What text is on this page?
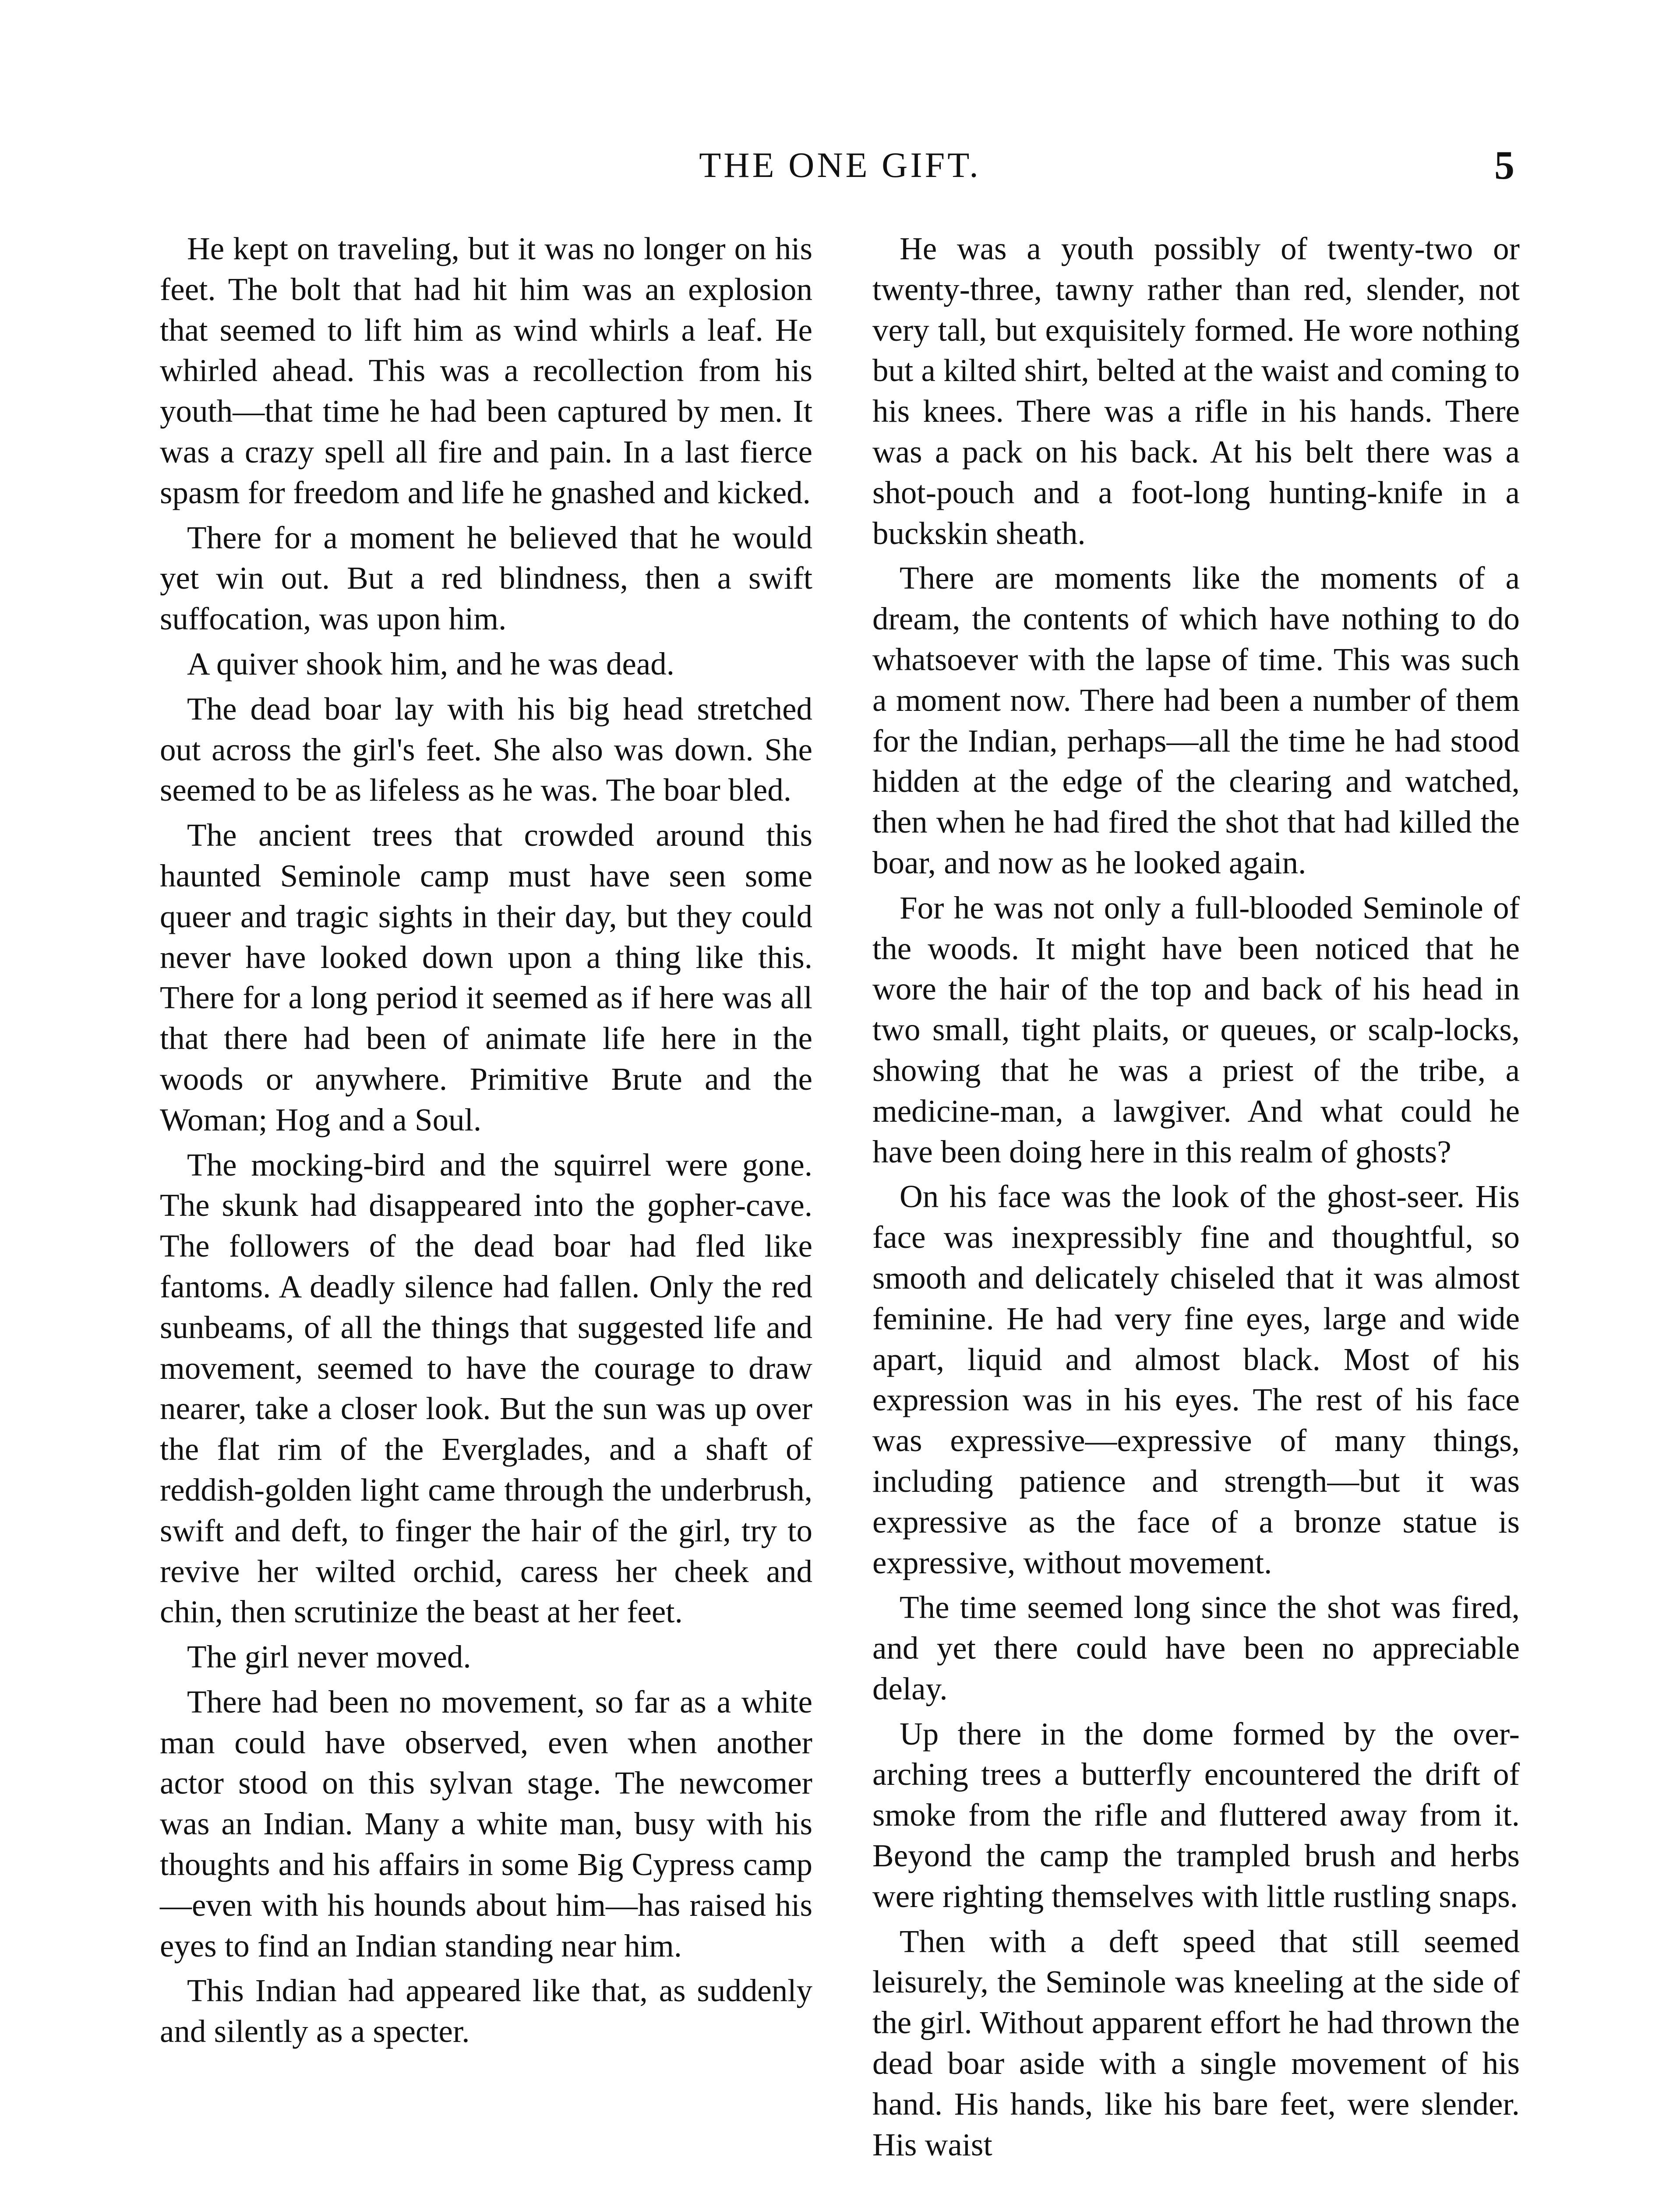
THE ONE GIFT.	5

He kept on traveling, but it was no longer on his feet. The bolt that had hit him was an explosion that seemed to lift him as wind whirls a leaf. He whirled ahead. This was a recollection from his youth—that time he had been captured by men. It was a crazy spell all fire and pain. In a last fierce spasm for freedom and life he gnashed and kicked.

There for a moment he believed that he would yet win out. But a red blindness, then a swift suffocation, was upon him.

A quiver shook him, and he was dead.

The dead boar lay with his big head stretched out across the girl's feet. She also was down. She seemed to be as lifeless as he was. The boar bled.

The ancient trees that crowded around this haunted Seminole camp must have seen some queer and tragic sights in their day, but they could never have looked down upon a thing like this. There for a long period it seemed as if here was all that there had been of animate life here in the woods or anywhere. Primitive Brute and the Woman; Hog and a Soul.

The mocking-bird and the squirrel were gone. The skunk had disappeared into the gopher-cave. The followers of the dead boar had fled like fantoms. A deadly silence had fallen. Only the red sunbeams, of all the things that suggested life and movement, seemed to have the courage to draw nearer, take a closer look. But the sun was up over the flat rim of the Everglades, and a shaft of reddish-golden light came through the underbrush, swift and deft, to finger the hair of the girl, try to revive her wilted orchid, caress her cheek and chin, then scrutinize the beast at her feet.

The girl never moved.

There had been no movement, so far as a white man could have observed, even when another actor stood on this sylvan stage. The newcomer was an Indian. Many a white man, busy with his thoughts and his affairs in some Big Cypress camp—even with his hounds about him—has raised his eyes to find an Indian standing near him.

This Indian had appeared like that, as suddenly and silently as a specter.

He was a youth possibly of twenty-two or twenty-three, tawny rather than red, slender, not very tall, but exquisitely formed. He wore nothing but a kilted shirt, belted at the waist and coming to his knees. There was a rifle in his hands. There was a pack on his back. At his belt there was a shot-pouch and a foot-long hunting-knife in a buckskin sheath.

There are moments like the moments of a dream, the contents of which have nothing to do whatsoever with the lapse of time. This was such a moment now. There had been a number of them for the Indian, perhaps—all the time he had stood hidden at the edge of the clearing and watched, then when he had fired the shot that had killed the boar, and now as he looked again.

For he was not only a full-blooded Seminole of the woods. It might have been noticed that he wore the hair of the top and back of his head in two small, tight plaits, or queues, or scalp-locks, showing that he was a priest of the tribe, a medicine-man, a lawgiver. And what could he have been doing here in this realm of ghosts?

On his face was the look of the ghost-seer. His face was inexpressibly fine and thoughtful, so smooth and delicately chiseled that it was almost feminine. He had very fine eyes, large and wide apart, liquid and almost black. Most of his expression was in his eyes. The rest of his face was expressive—expressive of many things, including patience and strength—but it was expressive as the face of a bronze statue is expressive, without movement.

The time seemed long since the shot was fired, and yet there could have been no appreciable delay.

Up there in the dome formed by the over-arching trees a butterfly encountered the drift of smoke from the rifle and fluttered away from it. Beyond the camp the trampled brush and herbs were righting themselves with little rustling snaps.

Then with a deft speed that still seemed leisurely, the Seminole was kneeling at the side of the girl. Without apparent effort he had thrown the dead boar aside with a single movement of his hand. His hands, like his bare feet, were slender. His waist
